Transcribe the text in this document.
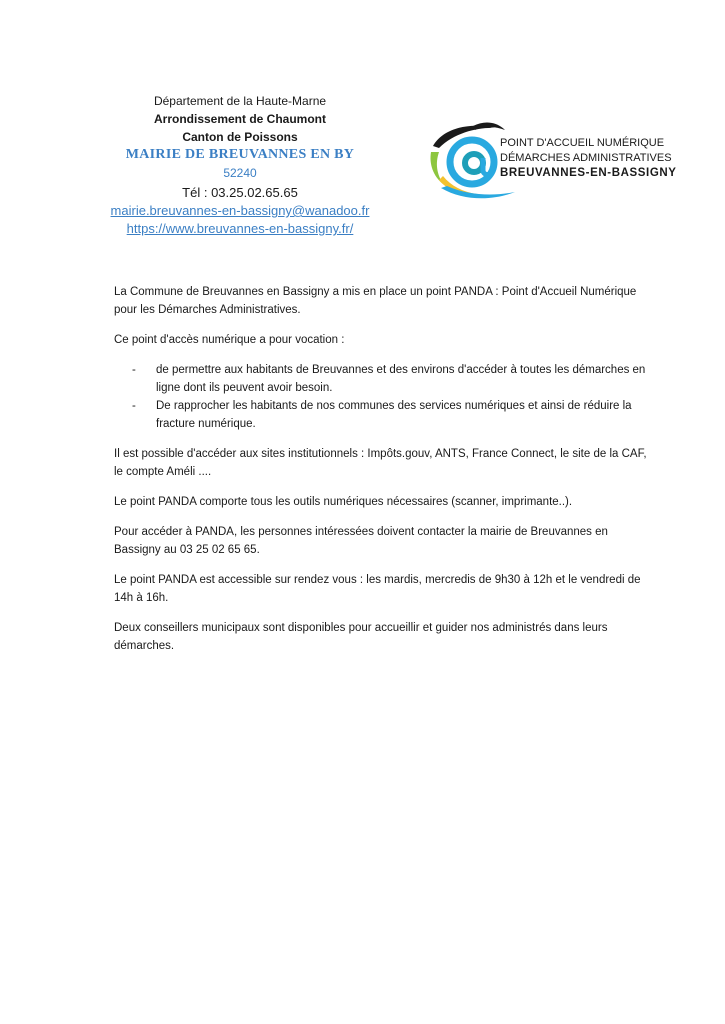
Département de la Haute-Marne
Arrondissement de Chaumont
Canton de Poissons
MAIRIE DE BREUVANNES EN BY
52240
Tél : 03.25.02.65.65
mairie.breuvannes-en-bassigny@wanadoo.fr
https://www.breuvannes-en-bassigny.fr/
POINT D'ACCUEIL NUMÉRIQUE
DÉMARCHES ADMINISTRATIVES
BREUVANNES-EN-BASSIGNY

La Commune de Breuvannes en Bassigny a mis en place un point PANDA : Point d'Accueil Numérique pour les Démarches Administratives.

Ce point d'accès numérique a pour vocation :

- de permettre aux habitants de Breuvannes et des environs d'accéder à toutes les démarches en ligne dont ils peuvent avoir besoin.
- De rapprocher les habitants de nos communes des services numériques et ainsi de réduire la fracture numérique.

Il est possible d'accéder aux sites institutionnels : Impôts.gouv, ANTS, France Connect, le site de la CAF, le compte Améli ....

Le point PANDA comporte tous les outils numériques nécessaires (scanner, imprimante..).

Pour accéder à PANDA, les personnes intéressées doivent contacter la mairie de Breuvannes en Bassigny au 03 25 02 65 65.

Le point PANDA est accessible sur rendez vous : les mardis, mercredis de 9h30 à 12h et le vendredi de 14h à 16h.

Deux conseillers municipaux sont disponibles pour accueillir et guider nos administrés dans leurs démarches.
